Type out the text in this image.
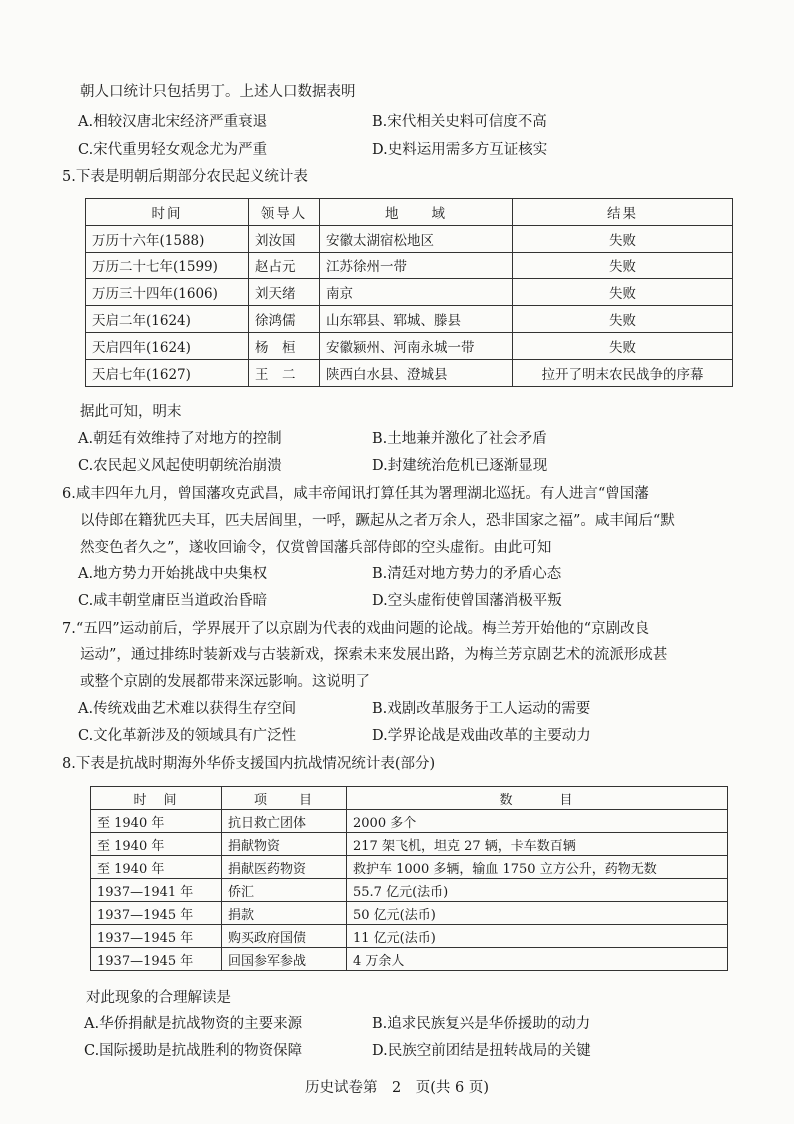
朝人口统计只包括男丁。上述人口数据表明
A.相较汉唐北宋经济严重衰退	B.宋代相关史料可信度不高
C.宋代重男轻女观念尤为严重	D.史料运用需多方互证核实
5.下表是明朝后期部分农民起义统计表
时间	领导人	地　　域	结果
万历十六年(1588)	刘汝国	安徽太湖宿松地区	失败
万历二十七年(1599)	赵占元	江苏徐州一带	失败
万历三十四年(1606)	刘天绪	南京	失败
天启二年(1624)	徐鸿儒	山东郓县、郓城、滕县	失败
天启四年(1624)	杨　桓	安徽颍州、河南永城一带	失败
天启七年(1627)	王　二	陕西白水县、澄城县	拉开了明末农民战争的序幕
据此可知，明末
A.朝廷有效维持了对地方的控制	B.土地兼并激化了社会矛盾
C.农民起义风起使明朝统治崩溃	D.封建统治危机已逐渐显现
6.咸丰四年九月，曾国藩攻克武昌，咸丰帝闻讯打算任其为署理湖北巡抚。有人进言“曾国藩
以侍郎在籍犹匹夫耳，匹夫居闾里，一呼，蹶起从之者万余人，恐非国家之福”。咸丰闻后“默
然变色者久之”，遂收回谕令，仅赏曾国藩兵部侍郎的空头虚衔。由此可知
A.地方势力开始挑战中央集权	B.清廷对地方势力的矛盾心态
C.咸丰朝堂庸臣当道政治昏暗	D.空头虚衔使曾国藩消极平叛
7.“五四”运动前后，学界展开了以京剧为代表的戏曲问题的论战。梅兰芳开始他的“京剧改良
运动”，通过排练时装新戏与古装新戏，探索未来发展出路，为梅兰芳京剧艺术的流派形成甚
或整个京剧的发展都带来深远影响。这说明了
A.传统戏曲艺术难以获得生存空间	B.戏剧改革服务于工人运动的需要
C.文化革新涉及的领域具有广泛性	D.学界论战是戏曲改革的主要动力
8.下表是抗战时期海外华侨支援国内抗战情况统计表(部分)
时　间	项　　目	数　　　目
至 1940 年	抗日救亡团体	2000 多个
至 1940 年	捐献物资	217 架飞机，坦克 27 辆，卡车数百辆
至 1940 年	捐献医药物资	救护车 1000 多辆，输血 1750 立方公升，药物无数
1937—1941 年	侨汇	55.7 亿元(法币)
1937—1945 年	捐款	50 亿元(法币)
1937—1945 年	购买政府国债	11 亿元(法币)
1937—1945 年	回国参军参战	4 万余人
对此现象的合理解读是
A.华侨捐献是抗战物资的主要来源	B.追求民族复兴是华侨援助的动力
C.国际援助是抗战胜利的物资保障	D.民族空前团结是扭转战局的关键
历史试卷第　2　页(共 6 页)
